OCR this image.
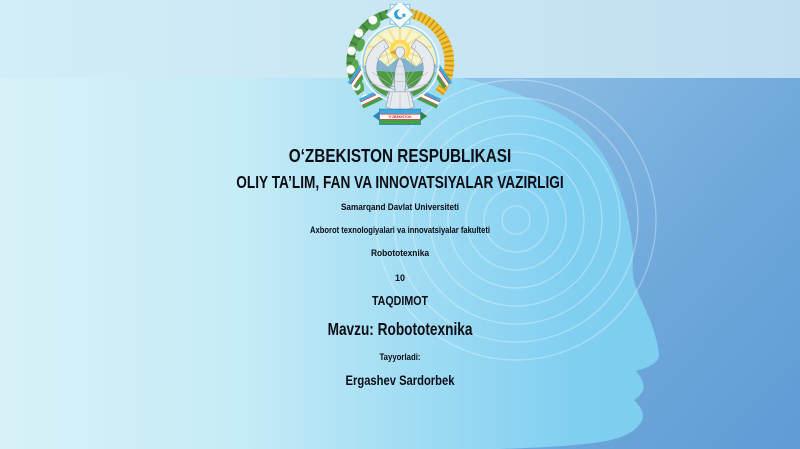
O‘ZBEKISTON
O‘ZBEKISTON RESPUBLIKASI
OLIY TA’LIM, FAN VA INNOVATSIYALAR VAZIRLIGI
Samarqand Davlat Universiteti
Axborot texnologiyalari va innovatsiyalar fakulteti
Robototexnika
10
TAQDIMOT
Mavzu: Robototexnika
Tayyorladi:
Ergashev Sardorbek
